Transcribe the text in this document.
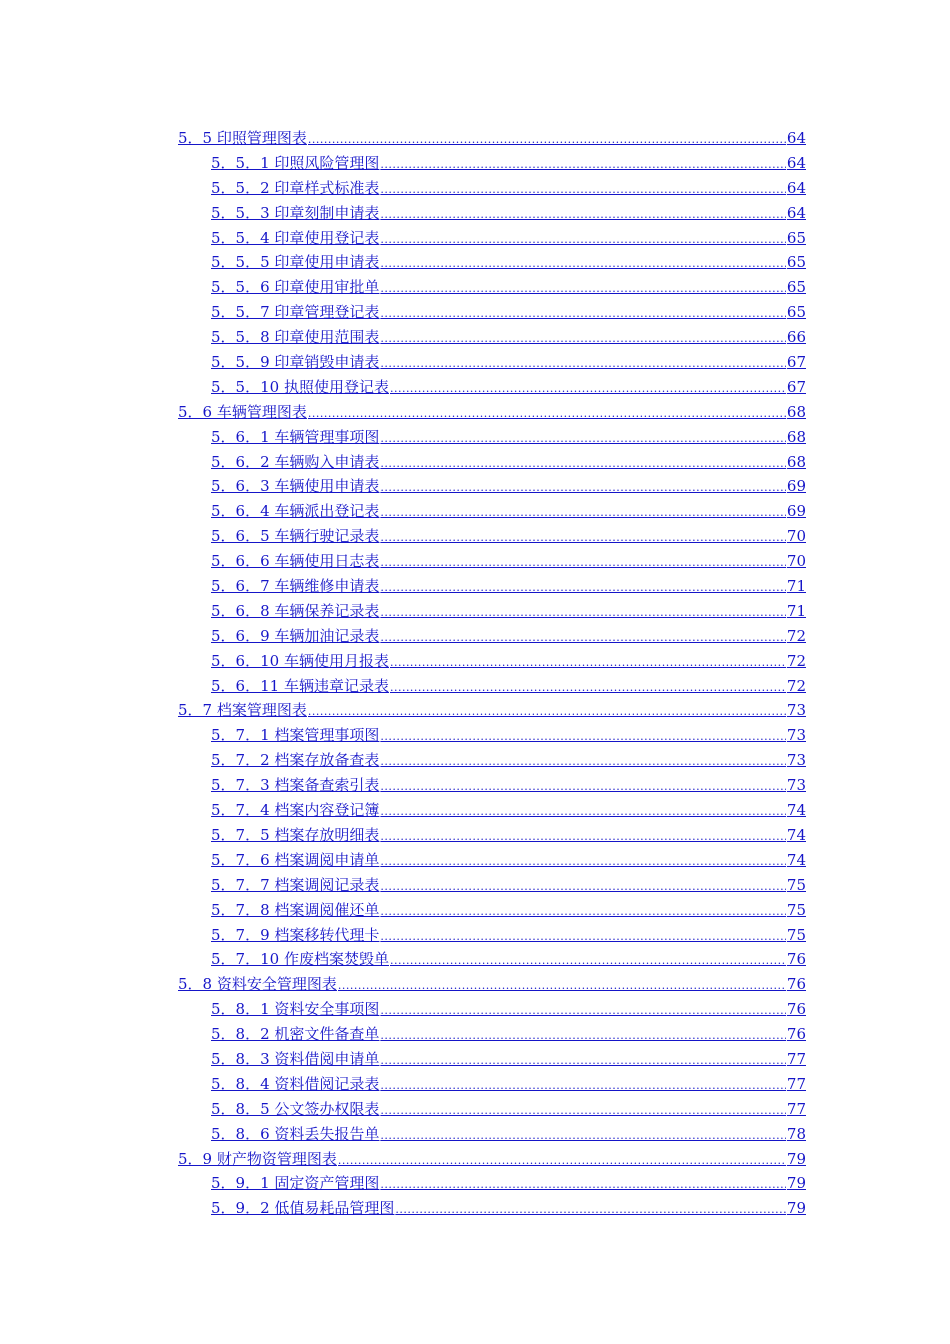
5．5 印照管理图表 .....	64
5．5．1 印照风险管理图 .....	64
5．5．2 印章样式标准表 .....	64
5．5．3 印章刻制申请表 .....	64
5．5．4 印章使用登记表 .....	65
5．5．5 印章使用申请表 .....	65
5．5．6 印章使用审批单 .....	65
5．5．7 印章管理登记表 .....	65
5．5．8 印章使用范围表 .....	66
5．5．9 印章销毁申请表 .....	67
5．5．10 执照使用登记表 .....	67
5．6 车辆管理图表 .....	68
5．6．1 车辆管理事项图 .....	68
5．6．2 车辆购入申请表 .....	68
5．6．3 车辆使用申请表 .....	69
5．6．4 车辆派出登记表 .....	69
5．6．5 车辆行驶记录表 .....	70
5．6．6 车辆使用日志表 .....	70
5．6．7 车辆维修申请表 .....	71
5．6．8 车辆保养记录表 .....	71
5．6．9 车辆加油记录表 .....	72
5．6．10 车辆使用月报表 .....	72
5．6．11 车辆违章记录表 .....	72
5．7 档案管理图表 .....	73
5．7．1 档案管理事项图 .....	73
5．7．2 档案存放备查表 .....	73
5．7．3 档案备查索引表 .....	73
5．7．4 档案内容登记簿 .....	74
5．7．5 档案存放明细表 .....	74
5．7．6 档案调阅申请单 .....	74
5．7．7 档案调阅记录表 .....	75
5．7．8 档案调阅催还单 .....	75
5．7．9 档案移转代理卡 .....	75
5．7．10 作废档案焚毁单 .....	76
5．8 资料安全管理图表 .....	76
5．8．1 资料安全事项图 .....	76
5．8．2 机密文件备查单 .....	76
5．8．3 资料借阅申请单 .....	77
5．8．4 资料借阅记录表 .....	77
5．8．5 公文签办权限表 .....	77
5．8．6 资料丢失报告单 .....	78
5．9 财产物资管理图表 .....	79
5．9．1 固定资产管理图 .....	79
5．9．2 低值易耗品管理图 .....	79
